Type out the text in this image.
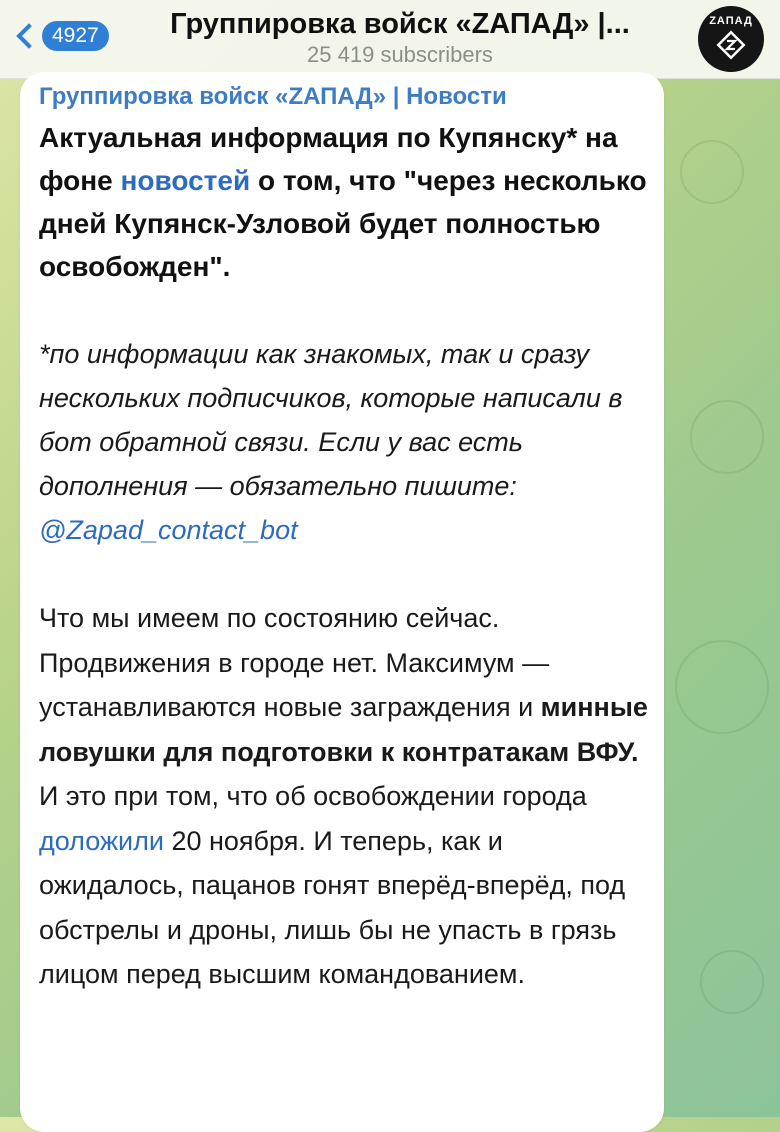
4927	Группировка войск «ZАПАД» |...
25 419 subscribers
ZАПАД
Группировка войск «ZАПАД» | Новости
Актуальная информация по Купянску* на фоне новостей о том, что "через несколько дней Купянск-Узловой будет полностью освобожден".
*по информации как знакомых, так и сразу нескольких подписчиков, которые написали в бот обратной связи. Если у вас есть дополнения — обязательно пишите: @Zapad_contact_bot
Что мы имеем по состоянию сейчас. Продвижения в городе нет. Максимум — устанавливаются новые заграждения и минные ловушки для подготовки к контратакам ВФУ. И это при том, что об освобождении города доложили 20 ноября. И теперь, как и ожидалось, пацанов гонят вперёд-вперёд, под обстрелы и дроны, лишь бы не упасть в грязь лицом перед высшим командованием.
